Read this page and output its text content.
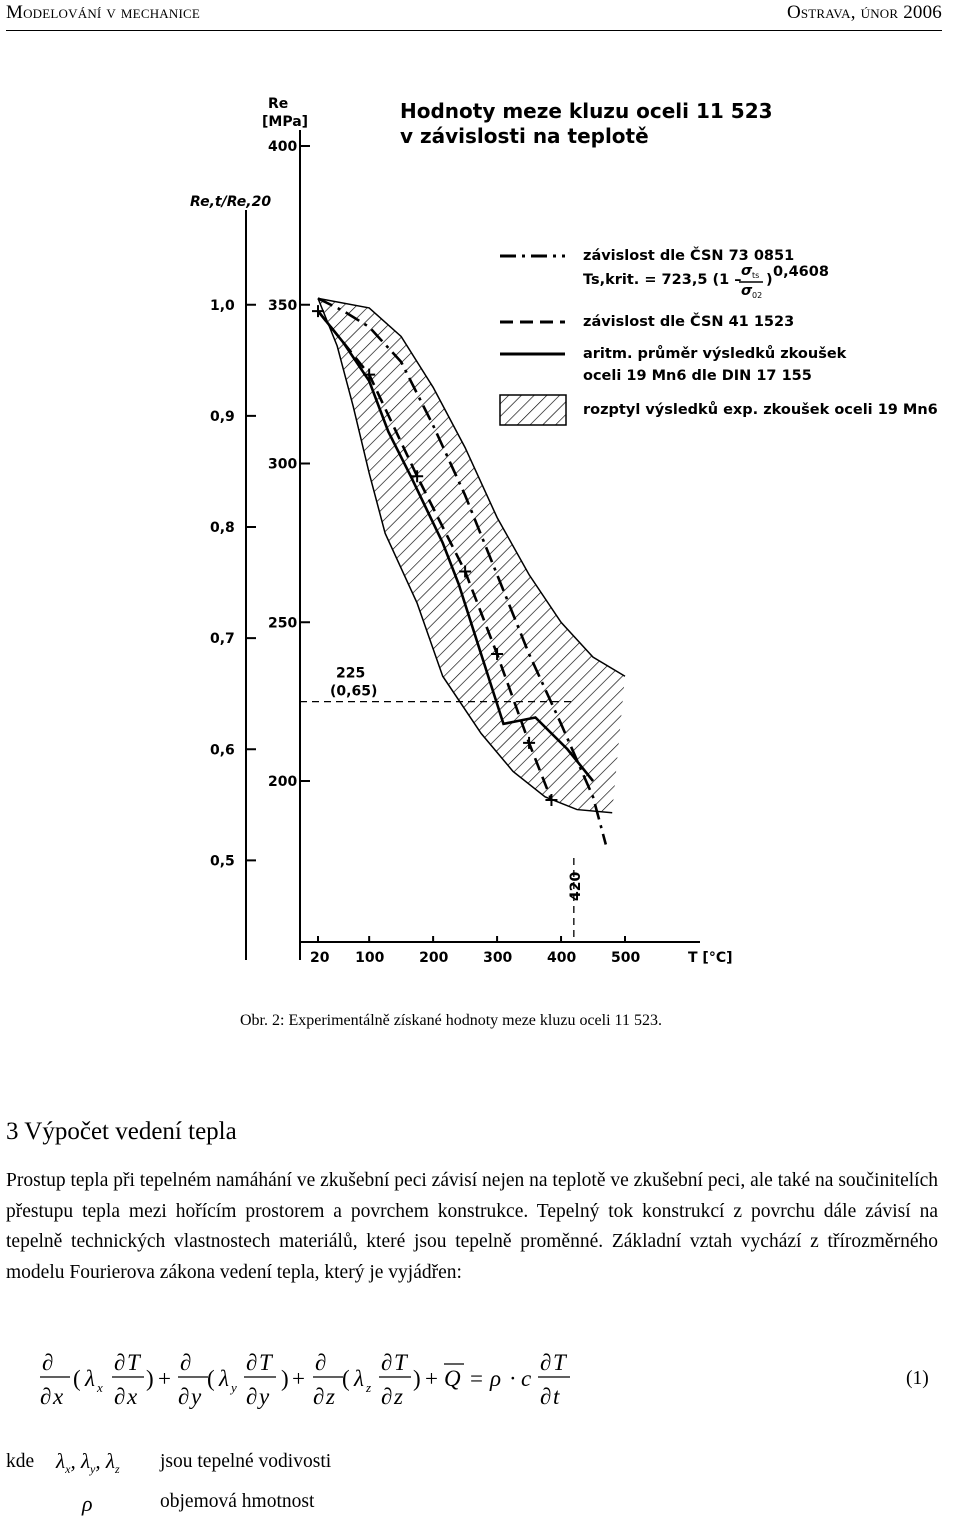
Modelování v mechanice	Ostrava, únor 2006
Hodnoty meze kluzu oceli 11 523
v závislosti na teplotě
Re
[MPa]
Re,t/Re,20
200
250
300
350
400
1,0
0,9
0,8
0,7
0,6
0,5
20 100 200 300 400 500	T [°C]
225
(0,65)
420
závislost dle ČSN 73 0851
Ts,krit. = 723,5 (1 –
σ ts
σ 02
) 0,4608
závislost dle ČSN 41 1523
aritm. průměr výsledků zkoušek
oceli 19 Mn6 dle DIN 17 155
rozptyl výsledků exp. zkoušek oceli 19 Mn6
Obr. 2: Experimentálně získané hodnoty meze kluzu oceli 11 523.
3 Výpočet vedení tepla

Prostup tepla při tepelném namáhání ve zkušební peci závisí nejen na teplotě ve zkušební peci, ale také na součinitelích přestupu tepla mezi hořícím prostorem a povrchem konstrukce. Tepelný tok konstrukcí z povrchu dále závisí na tepelně technických vlastnostech materiálů, které jsou tepelně proměnné. Základní vztah vychází z třírozměrného modelu Fourierova zákona vedení tepla, který je vyjádřen:

∂
∂ x
( λ x
∂ T
∂ x
) +
∂
∂ y
( λ y
∂ T
∂ y
) +
∂
∂ z
( λ z
∂ T
∂ z
) + Q = ρ · c
∂ T
∂ t
(1)
kde $\lambda_x$, $\lambda_y$, $\lambda_z$ jsou tepelné vodivosti
ρ	objemová hmotnost
